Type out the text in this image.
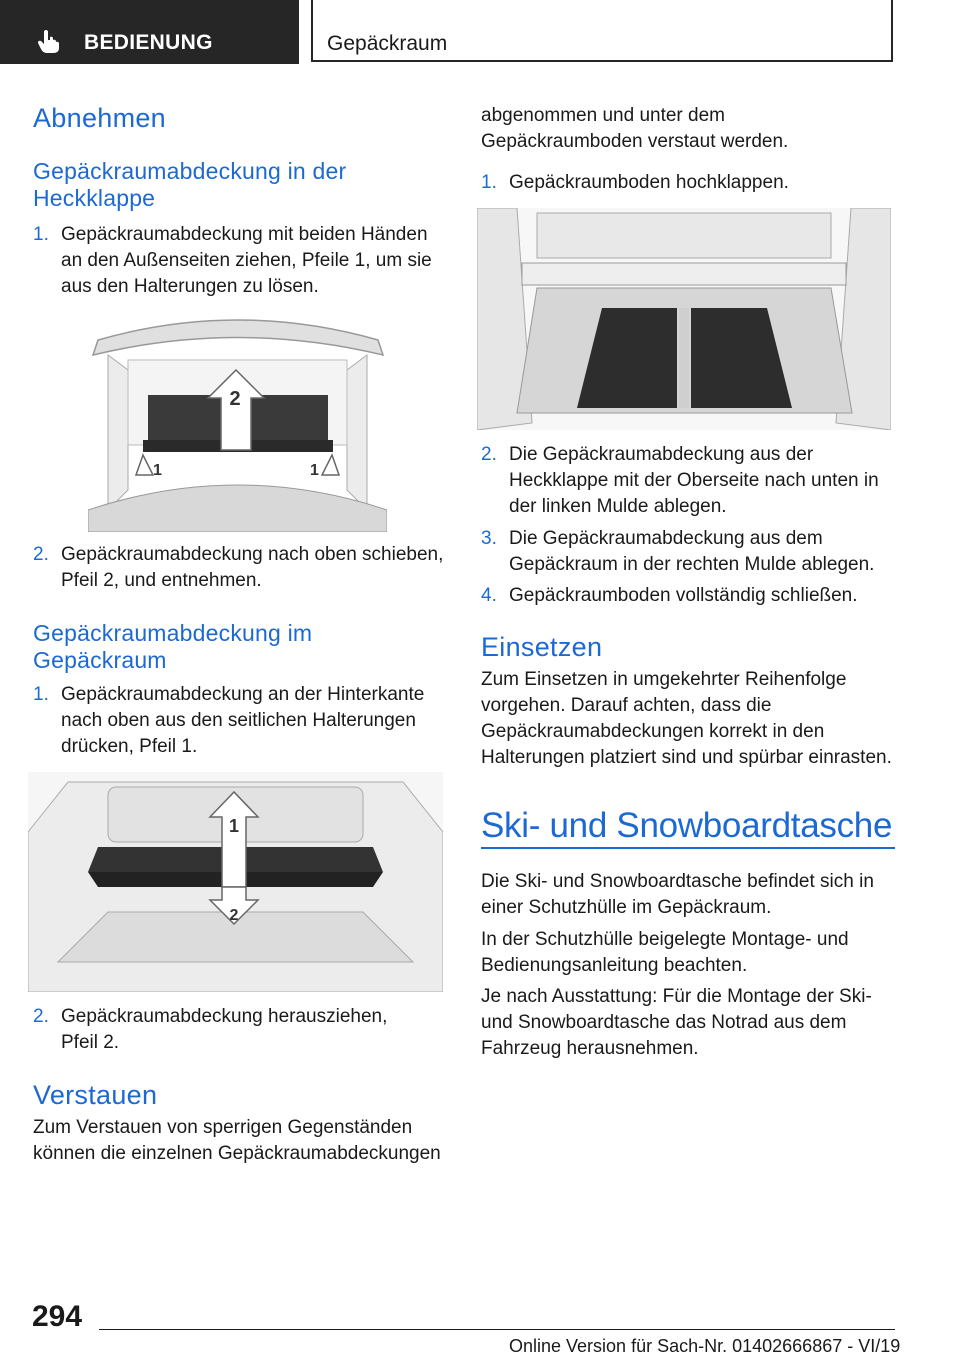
BEDIENUNG	Gepäckraum
Abnehmen
Gepäckraumabdeckung in der Heckklappe
1. Gepäckraumabdeckung mit beiden Händen an den Außenseiten ziehen, Pfeile 1, um sie aus den Halterungen zu lösen.
2
1	1
2. Gepäckraumabdeckung nach oben schieben, Pfeil 2, und entnehmen.
Gepäckraumabdeckung im Gepäckraum
1. Gepäckraumabdeckung an der Hinterkante nach oben aus den seitlichen Halterungen drücken, Pfeil 1.
1
2
2. Gepäckraumabdeckung herausziehen, Pfeil 2.
Verstauen

Zum Verstauen von sperrigen Gegenständen können die einzelnen Gepäckraumabdeckungen

abgenommen und unter dem Gepäckraumboden verstaut werden.

1. Gepäckraumboden hochklappen.
2. Die Gepäckraumabdeckung aus der Heckklappe mit der Oberseite nach unten in der linken Mulde ablegen.
3. Die Gepäckraumabdeckung aus dem Gepäckraum in der rechten Mulde ablegen.
4. Gepäckraumboden vollständig schließen.
Einsetzen

Zum Einsetzen in umgekehrter Reihenfolge vorgehen. Darauf achten, dass die Gepäckraumabdeckungen korrekt in den Halterungen platziert sind und spürbar einrasten.

Ski- und Snowboardtasche

Die Ski- und Snowboardtasche befindet sich in einer Schutzhülle im Gepäckraum.

In der Schutzhülle beigelegte Montage- und Bedienungsanleitung beachten.

Je nach Ausstattung: Für die Montage der Ski- und Snowboardtasche das Notrad aus dem Fahrzeug herausnehmen.

294
Online Version für Sach-Nr. 01402666867 - VI/19
